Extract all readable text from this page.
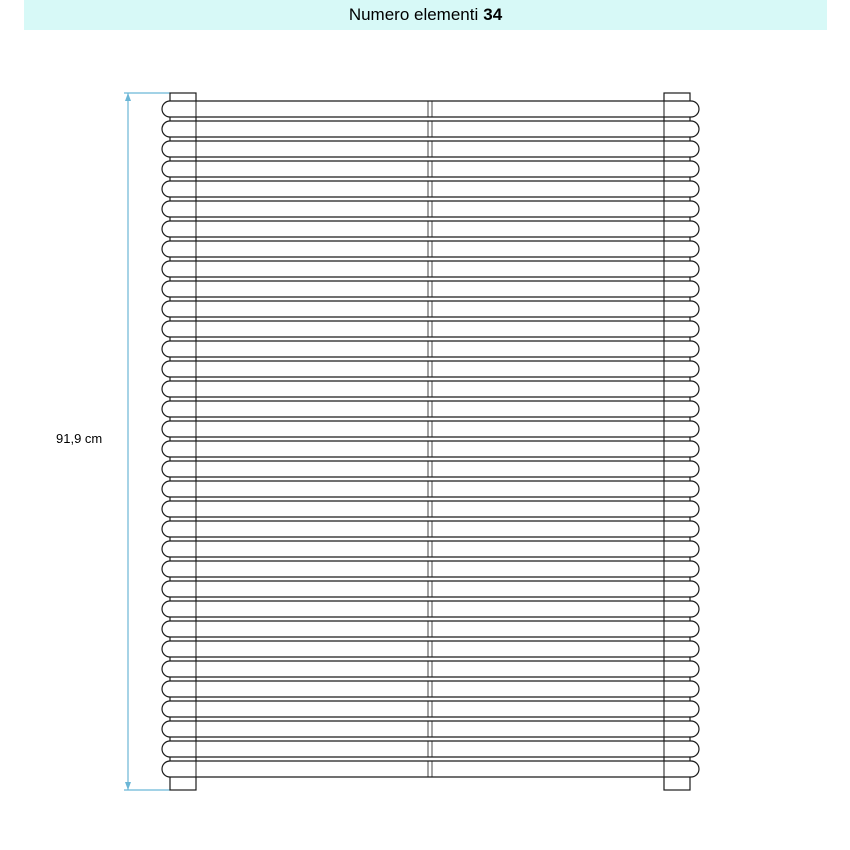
Numero elementi 34
91,9 cm
